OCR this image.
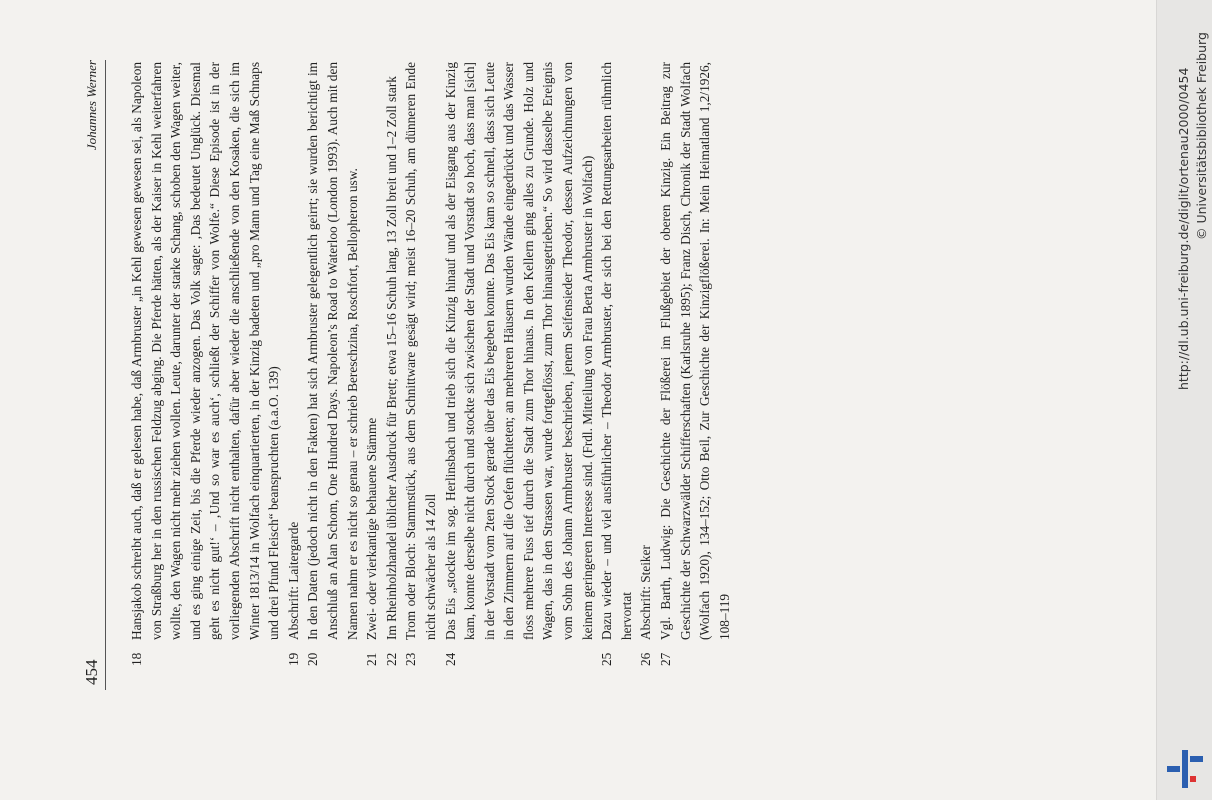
454
Johannes Werner
18
Hansjakob schreibt auch, daß er gelesen habe, daß Armbruster „in Kehl gewesen gewesen sei, als Napoleon von Straßburg her in den russischen Feldzug abging. Die Pferde hätten, als der Kaiser in Kehl weiterfahren wollte, den Wagen nicht mehr ziehen wollen. Leute, darunter der starke Schang, schoben den Wagen weiter, und es ging einige Zeit, bis die Pferde wieder anzogen. Das Volk sagte: ‚Das bedeutet Unglück. Diesmal geht es nicht gut!‘ – ‚Und so war es auch‘, schließt der Schiffer von Wolfe.“ Diese Episode ist in der vorliegenden Abschrift nicht enthalten, dafür aber wieder die anschließende von den Kosaken, die sich im Winter 1813/14 in Wolfach einquartierten, in der Kinzig badeten und „pro Mann und Tag eine Maß Schnaps und drei Pfund Fleisch“ beanspruchten (a.a.O. 139)
19
Abschrift: Laitergarde
20
In den Daten (jedoch nicht in den Fakten) hat sich Armbruster gelegentlich geirrt; sie wurden berichtigt im Anschluß an Alan Schom, One Hundred Days. Napoleon’s Road to Waterloo (London 1993). Auch mit den Namen nahm er es nicht so genau – er schrieb Bereschzina, Roschfort, Bellopheron usw.
21
Zwei- oder vierkantige behauene Stämme
22
Im Rheinholzhandel üblicher Ausdruck für Brett; etwa 15–16 Schuh lang, 13 Zoll breit und 1–2 Zoll stark
23
Trom oder Bloch: Stammstück, aus dem Schnittware gesägt wird; meist 16–20 Schuh, am dünneren Ende nicht schwächer als 14 Zoll
24
Das Eis „stockte im sog. Herlinsbach und trieb sich die Kinzig hinauf und als der Eisgang aus der Kinzig kam, konnte derselbe nicht durch und stockte sich zwischen der Stadt und Vorstadt so hoch, dass man [sich] in der Vorstadt vom 2ten Stock gerade über das Eis begeben konnte. Das Eis kam so schnell, dass sich Leute in den Zimmern auf die Oefen flüchteten; an mehreren Häusern wurden Wände eingedrückt und das Wasser floss mehrere Fuss tief durch die Stadt zum Thor hinaus. In den Kellern ging alles zu Grunde. Holz und Wagen, das in den Strassen war, wurde fortgeflösst, zum Thor hinausgetrieben.“ So wird dasselbe Ereignis vom Sohn des Johann Armbruster beschrieben, jenem Seifensieder Theodor, dessen Aufzeichnungen von keinem geringeren Interesse sind. (Frdl. Mitteilung von Frau Berta Armbruster in Wolfach)
25
Dazu wieder – und viel ausführlicher – Theodor Armbruster, der sich bei den Rettungsarbeiten rühmlich hervortat
26
Abschrift: Steiker
27
Vgl. Barth, Ludwig: Die Geschichte der Flößerei im Flußgebiet der oberen Kinzig. Ein Beitrag zur Geschichte der Schwarzwälder Schifferschaften (Karlsruhe 1895); Franz Disch, Chronik der Stadt Wolfach (Wolfach 1920), 134–152; Otto Beil, Zur Geschichte der Kinzigflößerei. In: Mein Heimatland 1,2/1926, 108–119
http://dl.ub.uni-freiburg.de/diglit/ortenau2000/0454 © Universitätsbibliothek Freiburg
